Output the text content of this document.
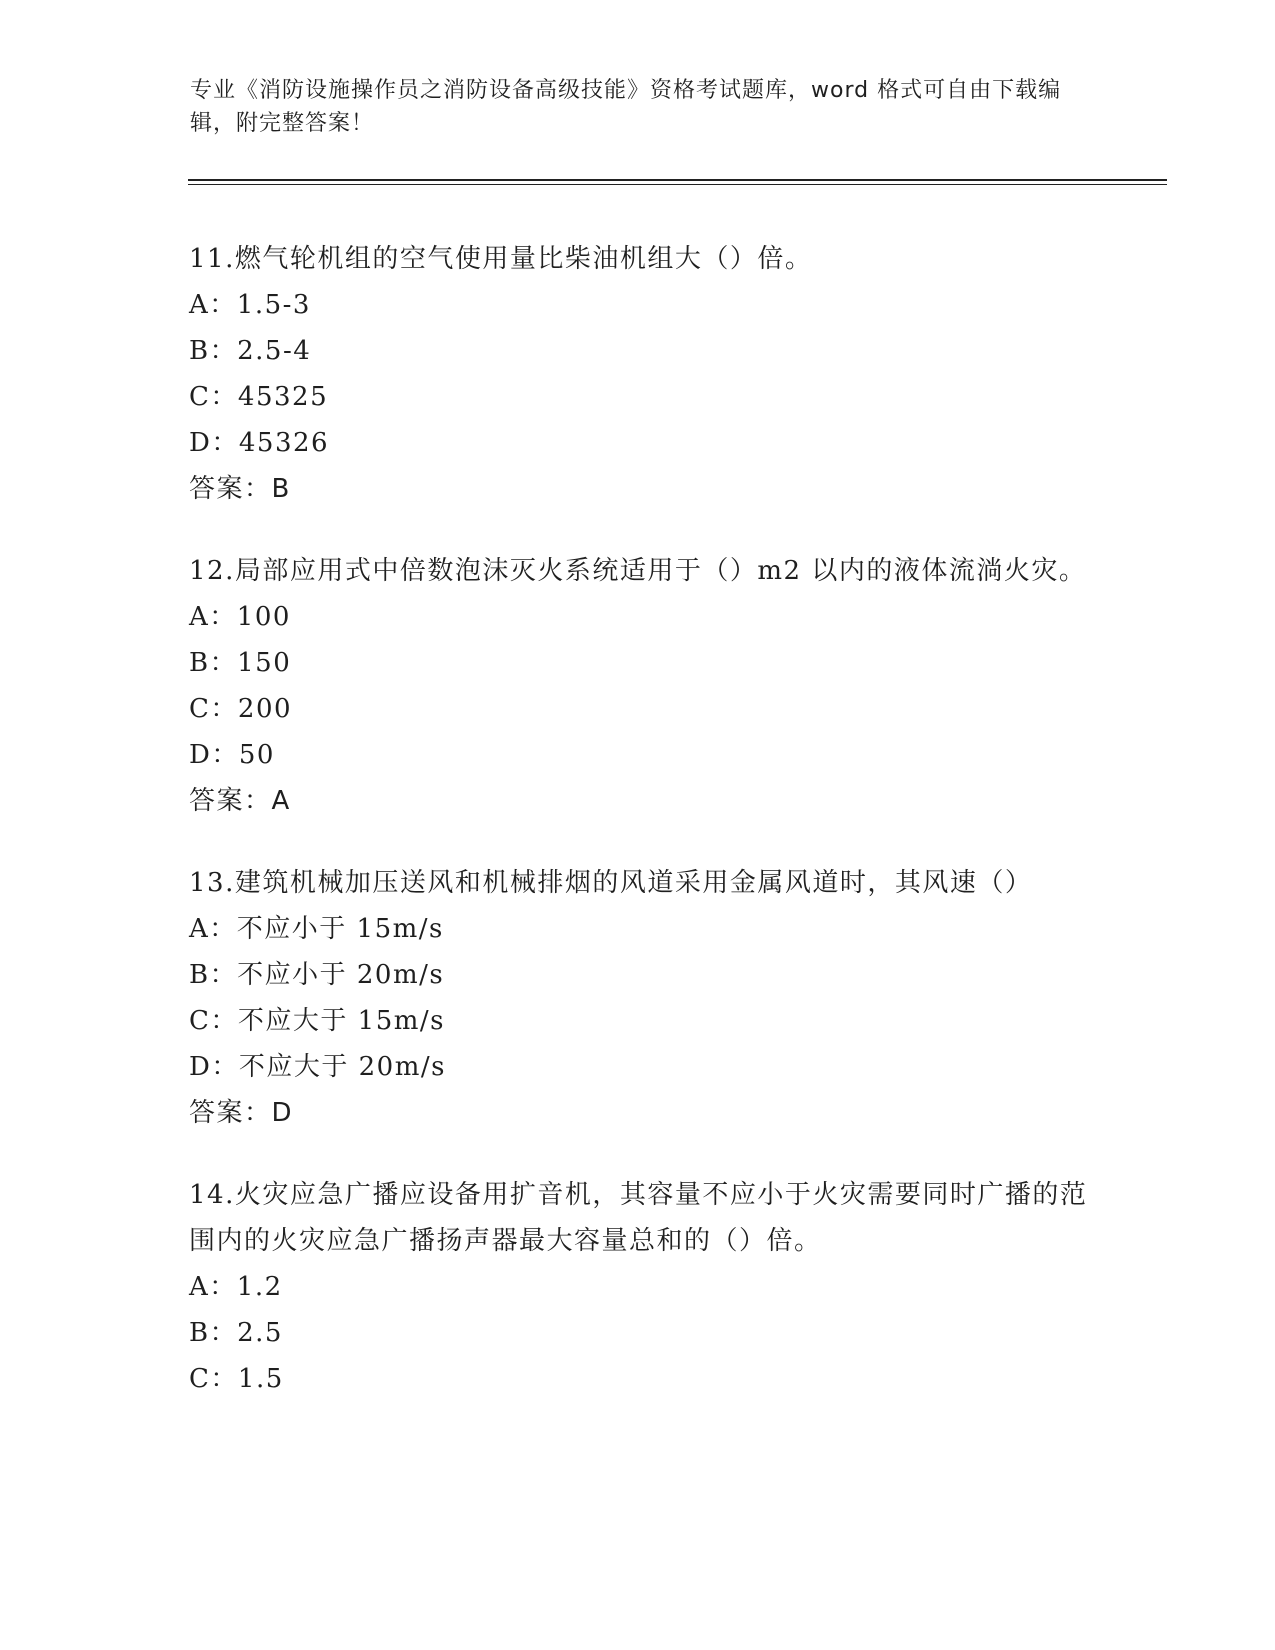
专业《消防设施操作员之消防设备高级技能》资格考试题库，word 格式可自由下载编辑，附完整答案！
11.燃气轮机组的空气使用量比柴油机组大（）倍。
A：1.5-3
B：2.5-4
C：45325
D：45326
答案：B
12.局部应用式中倍数泡沫灭火系统适用于（）m2 以内的液体流淌火灾。
A：100
B：150
C：200
D：50
答案：A
13.建筑机械加压送风和机械排烟的风道采用金属风道时，其风速（）
A：不应小于 15m/s
B：不应小于 20m/s
C：不应大于 15m/s
D：不应大于 20m/s
答案：D
14.火灾应急广播应设备用扩音机，其容量不应小于火灾需要同时广播的范围内的火灾应急广播扬声器最大容量总和的（）倍。
A：1.2
B：2.5
C：1.5
